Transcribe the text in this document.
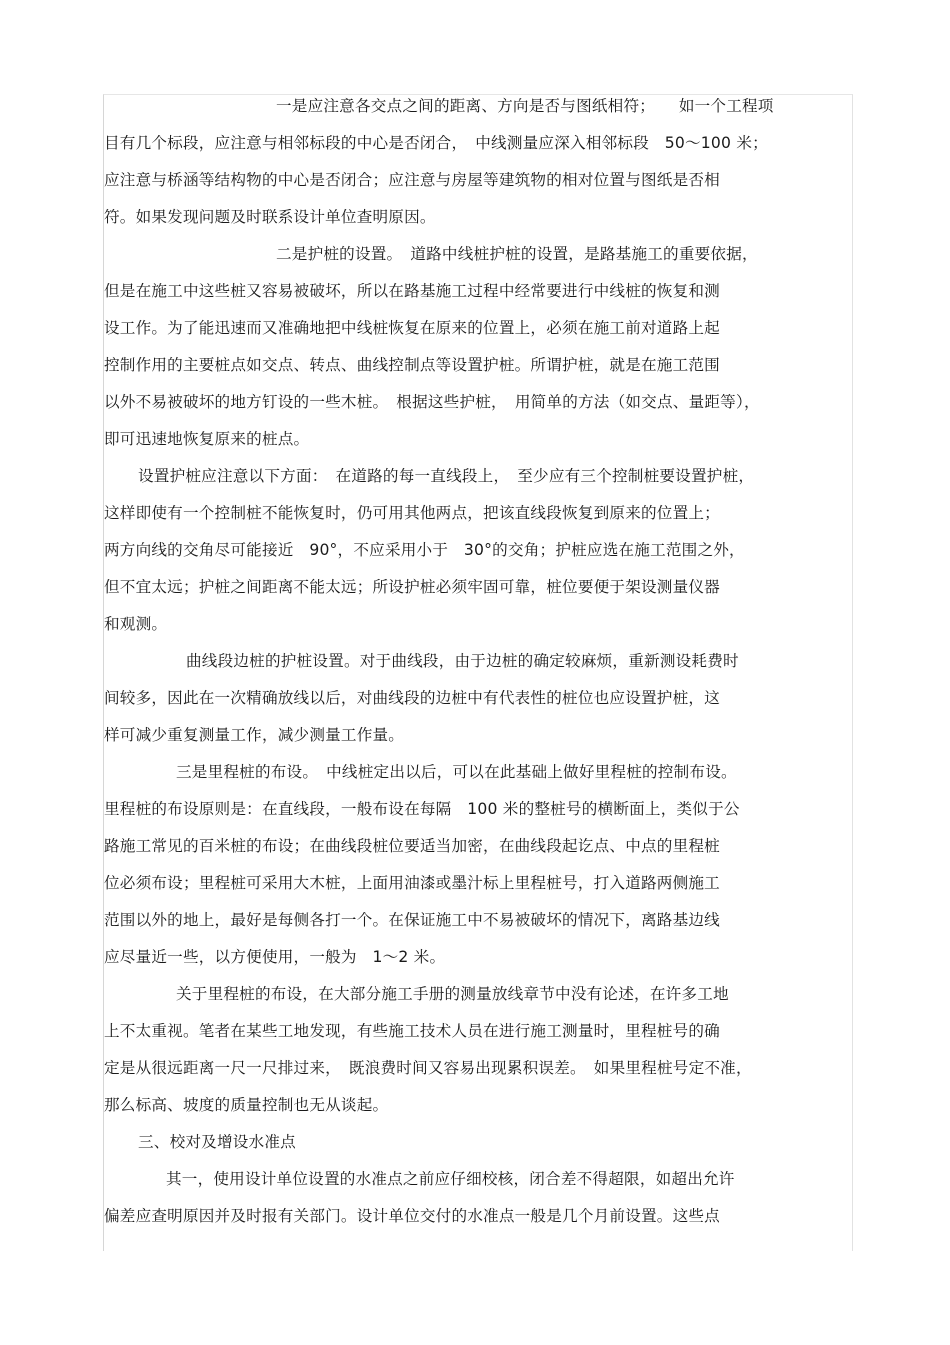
一是应注意各交点之间的距离、方向是否与图纸相符；　　如一个工程项
目有几个标段，应注意与相邻标段的中心是否闭合，　中线测量应深入相邻标段　50～100 米；
应注意与桥涵等结构物的中心是否闭合；应注意与房屋等建筑物的相对位置与图纸是否相
符。如果发现问题及时联系设计单位查明原因。
二是护桩的设置。　道路中线桩护桩的设置，是路基施工的重要依据，
但是在施工中这些桩又容易被破坏，所以在路基施工过程中经常要进行中线桩的恢复和测
设工作。为了能迅速而又准确地把中线桩恢复在原来的位置上，必须在施工前对道路上起
控制作用的主要桩点如交点、转点、曲线控制点等设置护桩。所谓护桩，就是在施工范围
以外不易被破坏的地方钉设的一些木桩。　根据这些护桩，　用简单的方法（如交点、量距等），
即可迅速地恢复原来的桩点。
设置护桩应注意以下方面：　在道路的每一直线段上，　至少应有三个控制桩要设置护桩，
这样即使有一个控制桩不能恢复时，仍可用其他两点，把该直线段恢复到原来的位置上；
两方向线的交角尽可能接近　90°，不应采用小于　30°的交角；护桩应选在施工范围之外，
但不宜太远；护桩之间距离不能太远；所设护桩必须牢固可靠，桩位要便于架设测量仪器
和观测。
曲线段边桩的护桩设置。对于曲线段，由于边桩的确定较麻烦，重新测设耗费时
间较多，因此在一次精确放线以后，对曲线段的边桩中有代表性的桩位也应设置护桩，这
样可减少重复测量工作，减少测量工作量。
三是里程桩的布设。　中线桩定出以后，可以在此基础上做好里程桩的控制布设。
里程桩的布设原则是：在直线段，一般布设在每隔　100 米的整桩号的横断面上，类似于公
路施工常见的百米桩的布设；在曲线段桩位要适当加密，在曲线段起讫点、中点的里程桩
位必须布设；里程桩可采用大木桩，上面用油漆或墨汁标上里程桩号，打入道路两侧施工
范围以外的地上，最好是每侧各打一个。在保证施工中不易被破坏的情况下，离路基边线
应尽量近一些，以方便使用，一般为　1～2 米。
关于里程桩的布设，在大部分施工手册的测量放线章节中没有论述，在许多工地
上不太重视。笔者在某些工地发现，有些施工技术人员在进行施工测量时，里程桩号的确
定是从很远距离一尺一尺排过来，　既浪费时间又容易出现累积误差。　如果里程桩号定不准，
那么标高、坡度的质量控制也无从谈起。
三、校对及增设水准点
其一，使用设计单位设置的水准点之前应仔细校核，闭合差不得超限，如超出允许
偏差应查明原因并及时报有关部门。设计单位交付的水准点一般是几个月前设置。这些点
